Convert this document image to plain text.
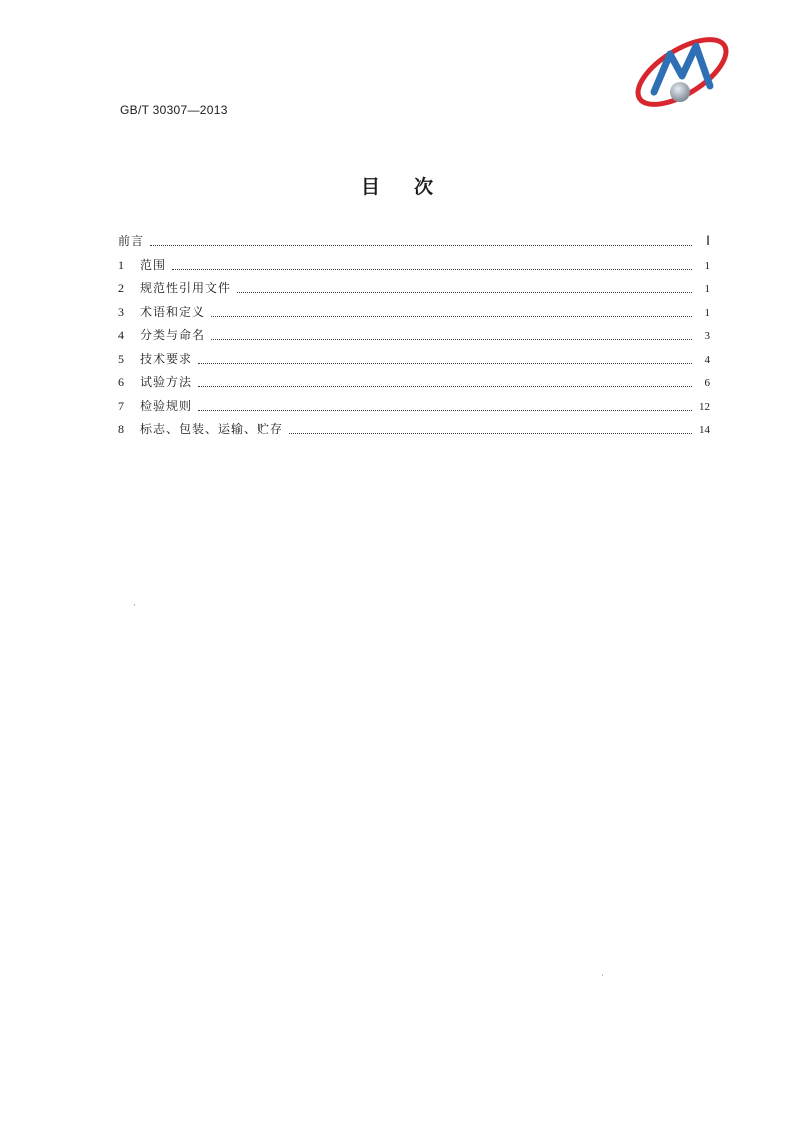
GB/T 30307—2013
目次
前言	Ⅰ
1	范围	1
2	规范性引用文件	1
3	术语和定义	1
4	分类与命名	3
5	技术要求	4
6	试验方法	6
7	检验规则	12
8	标志、包装、运输、贮存	14
